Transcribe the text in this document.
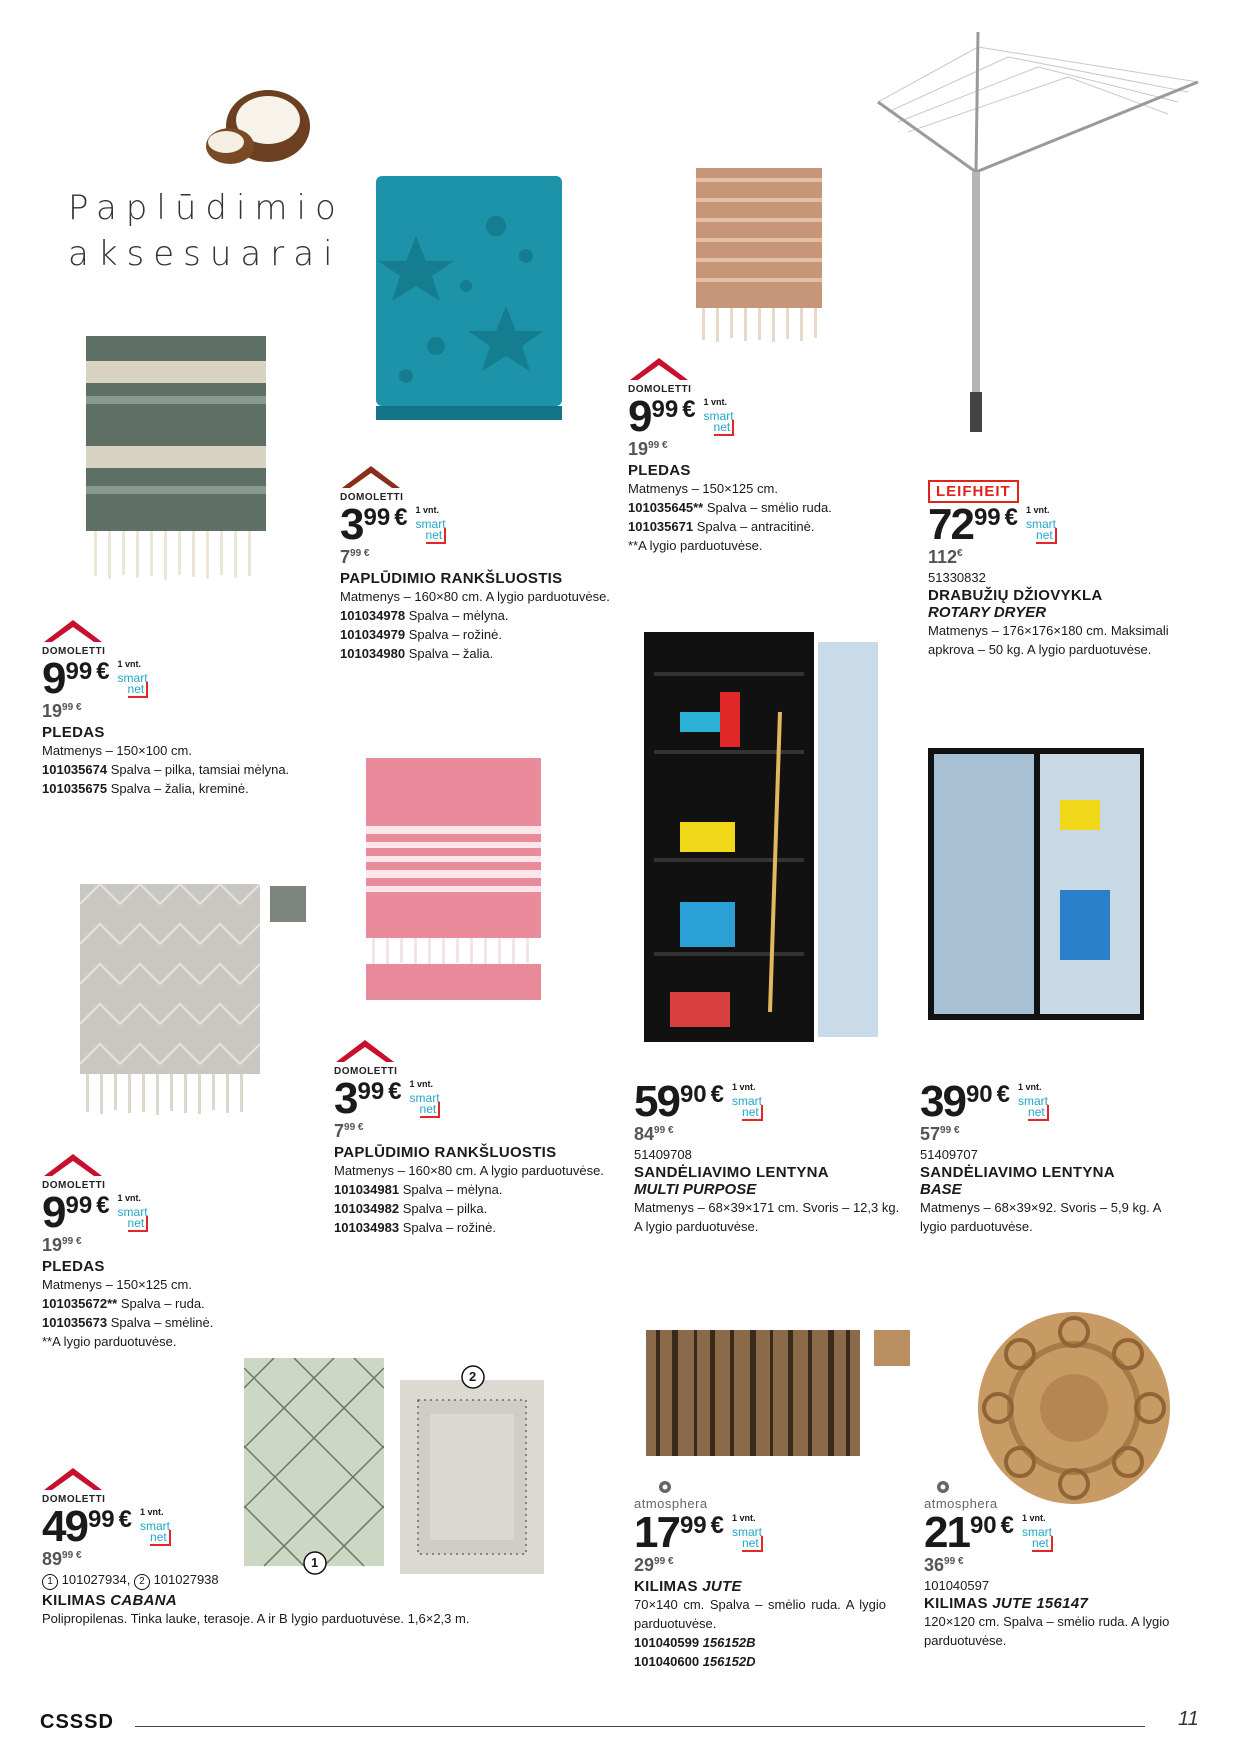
Paplūdimio
aksesuarai
1
2
DOMOLETTI
9 99 € 1 vnt.
smart
net
$19^{99}$ €
PLEDAS
Matmenys – 150×100 cm.
101035674 Spalva – pilka, tamsiai mėlyna.
101035675 Spalva – žalia, kreminė.
DOMOLETTI
3 99 € 1 vnt.
smart
net
$7^{99}$ €
PAPLŪDIMIO RANKŠLUOSTIS
Matmenys – 160×80 cm. A lygio parduotuvėse.
101034978 Spalva – mėlyna.
101034979 Spalva – rožinė.
101034980 Spalva – žalia.
DOMOLETTI
9 99 € 1 vnt.
smart
net
$19^{99}$ €
PLEDAS
Matmenys – 150×125 cm.
101035645** Spalva – smėlio ruda.
101035671 Spalva – antracitinė.
**A lygio parduotuvėse.
LEIFHEIT
72 99 € 1 vnt.
smart
net
112€
51330832
DRABUŽIŲ DŽIOVYKLA
ROTARY DRYER
Matmenys – 176×176×180 cm. Maksimali apkrova – 50 kg. A lygio parduotuvėse.
DOMOLETTI
9 99 € 1 vnt.
smart
net
$19^{99}$ €
PLEDAS
Matmenys – 150×125 cm.
101035672** Spalva – ruda.
101035673 Spalva – smėlinė.
**A lygio parduotuvėse.
DOMOLETTI
3 99 € 1 vnt.
smart
net
$7^{99}$ €
PAPLŪDIMIO RANKŠLUOSTIS
Matmenys – 160×80 cm. A lygio parduotuvėse.
101034981 Spalva – mėlyna.
101034982 Spalva – pilka.
101034983 Spalva – rožinė.
59 90 € 1 vnt.
smart
net
$84^{99}$ €
51409708
SANDĖLIAVIMO LENTYNA
MULTI PURPOSE
Matmenys – 68×39×171 cm. Svoris – 12,3 kg. A lygio parduotuvėse.
39 90 € 1 vnt.
smart
net
$57^{99}$ €
51409707
SANDĖLIAVIMO LENTYNA
BASE
Matmenys – 68×39×92. Svoris – 5,9 kg. A lygio parduotuvėse.
DOMOLETTI
49 99 € 1 vnt.
smart
net
$89^{99}$ €
1 101027934, 2 101027938
KILIMAS CABANA
Polipropilenas. Tinka lauke, terasoje. A ir B lygio parduotuvėse. 1,6×2,3 m.
atmosphera
17 99 € 1 vnt.
smart
net
$29^{99}$ €
KILIMAS JUTE
70×140 cm. Spalva – smėlio ruda. A lygio parduotuvėse.
101040599 156152B
101040600 156152D
atmosphera
21 90 € 1 vnt.
smart
net
$36^{99}$ €
101040597
KILIMAS JUTE 156147
120×120 cm. Spalva – smėlio ruda. A lygio parduotuvėse.
CSSSD	11
